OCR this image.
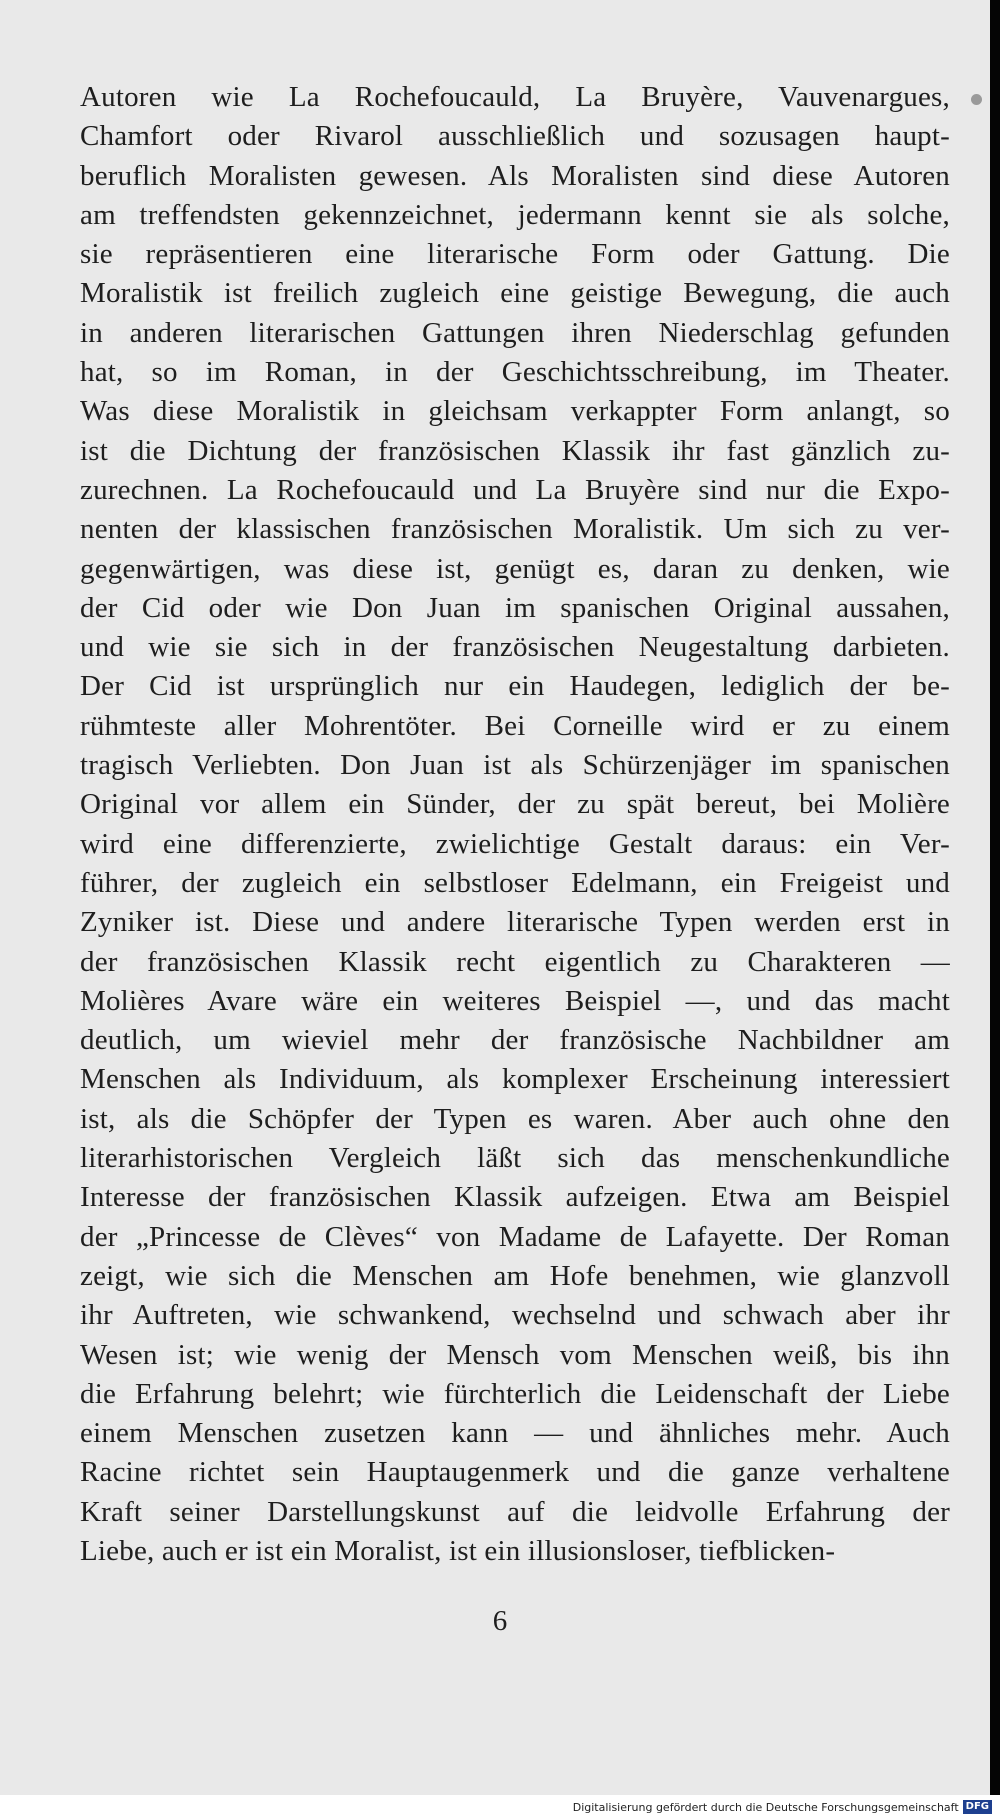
Autoren wie La Rochefoucauld, La Bruyère, Vauvenargues,
Chamfort oder Rivarol ausschließlich und sozusagen haupt-
beruflich Moralisten gewesen. Als Moralisten sind diese Autoren
am treffendsten gekennzeichnet, jedermann kennt sie als solche,
sie repräsentieren eine literarische Form oder Gattung. Die
Moralistik ist freilich zugleich eine geistige Bewegung, die auch
in anderen literarischen Gattungen ihren Niederschlag gefunden
hat, so im Roman, in der Geschichtsschreibung, im Theater.
Was diese Moralistik in gleichsam verkappter Form anlangt, so
ist die Dichtung der französischen Klassik ihr fast gänzlich zu-
zurechnen. La Rochefoucauld und La Bruyère sind nur die Expo-
nenten der klassischen französischen Moralistik. Um sich zu ver-
gegenwärtigen, was diese ist, genügt es, daran zu denken, wie
der Cid oder wie Don Juan im spanischen Original aussahen,
und wie sie sich in der französischen Neugestaltung darbieten.
Der Cid ist ursprünglich nur ein Haudegen, lediglich der be-
rühmteste aller Mohrentöter. Bei Corneille wird er zu einem
tragisch Verliebten. Don Juan ist als Schürzenjäger im spanischen
Original vor allem ein Sünder, der zu spät bereut, bei Molière
wird eine differenzierte, zwielichtige Gestalt daraus: ein Ver-
führer, der zugleich ein selbstloser Edelmann, ein Freigeist und
Zyniker ist. Diese und andere literarische Typen werden erst in
der französischen Klassik recht eigentlich zu Charakteren —
Molières Avare wäre ein weiteres Beispiel —, und das macht
deutlich, um wieviel mehr der französische Nachbildner am
Menschen als Individuum, als komplexer Erscheinung interessiert
ist, als die Schöpfer der Typen es waren. Aber auch ohne den
literarhistorischen Vergleich läßt sich das menschenkundliche
Interesse der französischen Klassik aufzeigen. Etwa am Beispiel
der „Princesse de Clèves“ von Madame de Lafayette. Der Roman
zeigt, wie sich die Menschen am Hofe benehmen, wie glanzvoll
ihr Auftreten, wie schwankend, wechselnd und schwach aber ihr
Wesen ist; wie wenig der Mensch vom Menschen weiß, bis ihn
die Erfahrung belehrt; wie fürchterlich die Leidenschaft der Liebe
einem Menschen zusetzen kann — und ähnliches mehr. Auch
Racine richtet sein Hauptaugenmerk und die ganze verhaltene
Kraft seiner Darstellungskunst auf die leidvolle Erfahrung der
Liebe, auch er ist ein Moralist, ist ein illusionsloser, tiefblicken-
6
Digitalisierung gefördert durch die Deutsche Forschungsgemeinschaft DFG
